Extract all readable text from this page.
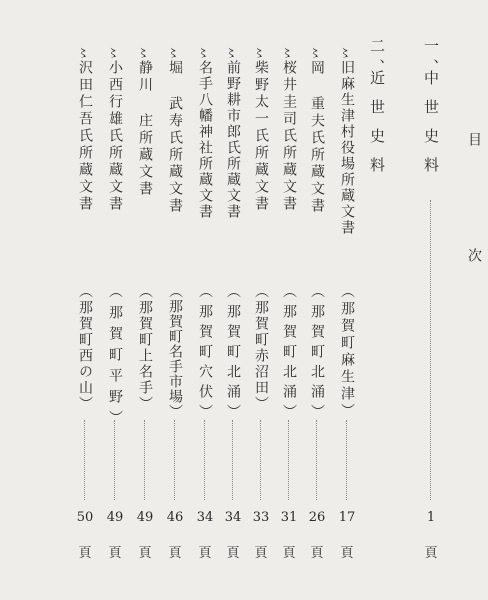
目次
一、
中世史料
1
頁
二、
近世史料
〻
旧麻生津村役場所蔵文書
（那賀町麻生津）
17
頁
〻
岡 重夫氏所蔵文書
（那賀町北涌）
26
頁
〻
桜井圭司氏所蔵文書
（那賀町北涌）
31
頁
〻
柴野太一氏所蔵文書
（那賀町赤沼田）
33
頁
〻
前野耕市郎氏所蔵文書
（那賀町北涌）
34
頁
〻
名手八幡神社所蔵文書
（那賀町穴伏）
34
頁
〻
堀 武寿氏所蔵文書
（那賀町名手市場）
46
頁
〻
静川 庄所蔵文書
（那賀町上名手）
49
頁
〻
小西行雄氏所蔵文書
（那賀町平野）
49
頁
〻
沢田仁吾氏所蔵文書
（那賀町西の山）
50
頁
